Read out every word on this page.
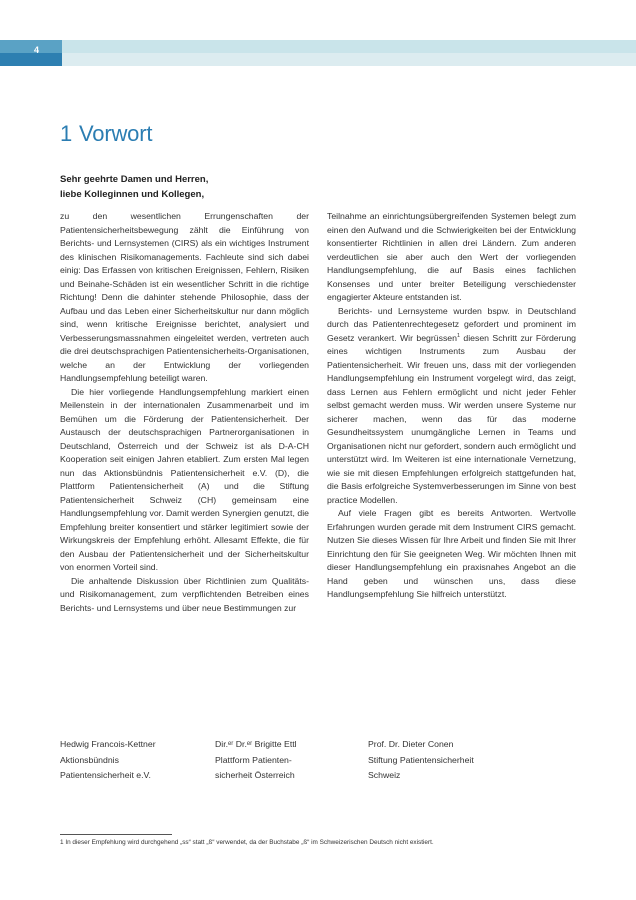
4
1 Vorwort
Sehr geehrte Damen und Herren,
liebe Kolleginnen und Kollegen,

zu den wesentlichen Errungenschaften der Patientensicherheitsbewegung zählt die Einführung von Berichts- und Lernsystemen (CIRS) als ein wichtiges Instrument des klinischen Risikomanagements. Fachleute sind sich dabei einig: Das Erfassen von kritischen Ereignissen, Fehlern, Risiken und Beinahe-Schäden ist ein wesentlicher Schritt in die richtige Richtung! Denn die dahinter stehende Philosophie, dass der Aufbau und das Leben einer Sicherheitskultur nur dann möglich sind, wenn kritische Ereignisse berichtet, analysiert und Verbesserungsmassnahmen eingeleitet werden, vertreten auch die drei deutschsprachigen Patientensicherheits-Organisationen, welche an der Entwicklung der vorliegenden Handlungsempfehlung beteiligt waren.

Die hier vorliegende Handlungsempfehlung markiert einen Meilenstein in der internationalen Zusammenarbeit und im Bemühen um die Förderung der Patientensicherheit. Der Austausch der deutschsprachigen Partnerorganisationen in Deutschland, Österreich und der Schweiz ist als D-A-CH Kooperation seit einigen Jahren etabliert. Zum ersten Mal legen nun das Aktionsbündnis Patientensicherheit e.V. (D), die Plattform Patientensicherheit (A) und die Stiftung Patientensicherheit Schweiz (CH) gemeinsam eine Handlungsempfehlung vor. Damit werden Synergien genutzt, die Empfehlung breiter konsentiert und stärker legitimiert sowie der Wirkungskreis der Empfehlung erhöht. Allesamt Effekte, die für den Ausbau der Patientensicherheit und der Sicherheitskultur von enormen Vorteil sind.

Die anhaltende Diskussion über Richtlinien zum Qualitäts- und Risikomanagement, zum verpflichtenden Betreiben eines Berichts- und Lernsystems und über neue Bestimmungen zur

Teilnahme an einrichtungsübergreifenden Systemen belegt zum einen den Aufwand und die Schwierigkeiten bei der Entwicklung konsentierter Richtlinien in allen drei Ländern. Zum anderen verdeutlichen sie aber auch den Wert der vorliegenden Handlungsempfehlung, die auf Basis eines fachlichen Konsenses und unter breiter Beteiligung verschiedenster engagierter Akteure entstanden ist.

Berichts- und Lernsysteme wurden bspw. in Deutschland durch das Patientenrechtegesetz gefordert und prominent im Gesetz verankert. Wir begrüssen$^1$ diesen Schritt zur Förderung eines wichtigen Instruments zum Ausbau der Patientensicherheit. Wir freuen uns, dass mit der vorliegenden Handlungsempfehlung ein Instrument vorgelegt wird, das zeigt, dass Lernen aus Fehlern ermöglicht und nicht jeder Fehler selbst gemacht werden muss. Wir werden unsere Systeme nur sicherer machen, wenn das für das moderne Gesundheitssystem unumgängliche Lernen in Teams und Organisationen nicht nur gefordert, sondern auch ermöglicht und unterstützt wird. Im Weiteren ist eine internationale Vernetzung, wie sie mit diesen Empfehlungen erfolgreich stattgefunden hat, die Basis erfolgreiche Systemverbesserungen im Sinne von best practice Modellen.

Auf viele Fragen gibt es bereits Antworten. Wertvolle Erfahrungen wurden gerade mit dem Instrument CIRS gemacht. Nutzen Sie dieses Wissen für Ihre Arbeit und finden Sie mit Ihrer Einrichtung den für Sie geeigneten Weg. Wir möchten Ihnen mit dieser Handlungsempfehlung ein praxisnahes Angebot an die Hand geben und wünschen uns, dass diese Handlungsempfehlung Sie hilfreich unterstützt.

Hedwig Francois-Kettner
Aktionsbündnis
Patientensicherheit e.V.
Dir.ᵉʳ Dr.ᵉʳ Brigitte Ettl
Plattform Patienten-
sicherheit Österreich
Prof. Dr. Dieter Conen
Stiftung Patientensicherheit
Schweiz
1 In dieser Empfehlung wird durchgehend „ss“ statt „ß“ verwendet, da der Buchstabe „ß“ im Schweizerischen Deutsch nicht existiert.
